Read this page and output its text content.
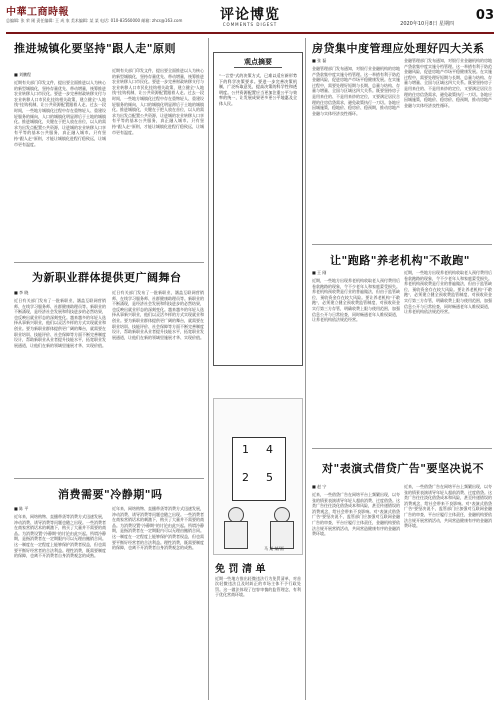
中華工商時報
总编辑: 张 荣 刚 责任编辑: 王 成 家 美术编辑: 某 某 电话: 010-83560000 邮箱: zhcs@163.com	评论博览
COMMENTS DIGEST	2020年10月8日 星期四
03
推进城镇化要坚持"跟人走"原则
■ 刘鹏程
近期有关部门印发文件，提出要全面推进以人为核心的新型城镇化，坚持存量优先、带动增量，统筹推进农业转移人口市民化。要进一步完善财政转移支付与农业转移人口市民化挂钩相关政策，建立健全"人地钱"挂钩机制，让公共资源配置跟着人走。过去一段时间，一些地方城镇化过程中存在重物轻人、重建设轻服务的倾向，人口的城镇化明显滞后于土地的城镇化。推进城镇化，关键在于把人放在首位，以人的需求为出发点配置公共资源，让进城的农业转移人口享有平等的基本公共服务，真正融入城市。只有坚持"跟人走"原则，才能让城镇化进程行稳致远，让城市更有温度。
近期有关部门印发文件，提出要全面推进以人为核心的新型城镇化，坚持存量优先、带动增量，统筹推进农业转移人口市民化。要进一步完善财政转移支付与农业转移人口市民化挂钩相关政策，建立健全"人地钱"挂钩机制，让公共资源配置跟着人走。过去一段时间，一些地方城镇化过程中存在重物轻人、重建设轻服务的倾向，人口的城镇化明显滞后于土地的城镇化。推进城镇化，关键在于把人放在首位，以人的需求为出发点配置公共资源，让进城的农业转移人口享有平等的基本公共服务，真正融入城市。只有坚持"跟人走"原则，才能让城镇化进程行稳致远，让城市更有温度。
为新职业群体提供更广阔舞台
■ 李 晓
近日有关部门发布了一批新职业，涵盖互联网营销师、在线学习服务师、社群健康助理员等。新职业的不断涌现，是经济社会发展和科技进步的必然结果，也反映出就业形态的深刻变化。越来越多的年轻人选择从事新兴职业，他们以灵活多样的方式实现就业和创业。要为新职业群体提供更广阔的舞台，就需要在职业培训、技能评价、社会保障等方面不断完善制度设计，帮助新职业从业者提升技能水平，拓宽职业发展通道，让他们在新的领域里施展才华、实现价值。
近日有关部门发布了一批新职业，涵盖互联网营销师、在线学习服务师、社群健康助理员等。新职业的不断涌现，是经济社会发展和科技进步的必然结果，也反映出就业形态的深刻变化。越来越多的年轻人选择从事新兴职业，他们以灵活多样的方式实现就业和创业。要为新职业群体提供更广阔的舞台，就需要在职业培训、技能评价、社会保障等方面不断完善制度设计，帮助新职业从业者提升技能水平，拓宽职业发展通道，让他们在新的领域里施展才华、实现价值。
消费需要"冷静期"吗
■ 陈 平
近年来，网络购物、直播带货等消费方式迅速发展，冲动消费、诱导消费等问题也随之出现。一些消费者在商家营销话术的刺激下，购买了大量并不需要的商品。为消费设置"冷静期"的讨论由此兴起。所谓冷静期，是指消费者在一定期限内可以无理由撤销合同。这一制度在一定程度上能够保护消费者权益，但也需要平衡好经营者的合法利益。理性消费，既需要制度的保障，也离不开消费者自身消费观念的成熟。
近年来，网络购物、直播带货等消费方式迅速发展，冲动消费、诱导消费等问题也随之出现。一些消费者在商家营销话术的刺激下，购买了大量并不需要的商品。为消费设置"冷静期"的讨论由此兴起。所谓冷静期，是指消费者在一定期限内可以无理由撤销合同。这一制度在一定程度上能够保护消费者权益，但也需要平衡好经营者的合法利益。理性消费，既需要制度的保障，也离不开消费者自身消费观念的成熟。
观点摘要
"一言堂"式的决策方式，已难以适应新形势下的科学决策要求。要进一步完善决策机制，广泛听取意见，提高决策的科学性和透明度。公共资源配置应当更加注重公平与效率的统一，让发展成果更多更公平地惠及全体人民。
1 4
2 5
马 某 某/画
免 罚 清 单
近期一些地方推出轻微违法行为免罚清单，对首次轻微违法且及时纠正的市场主体不予行政处罚。这一做法体现了包容审慎的监管理念，有利于优化营商环境。
房贷集中度管理应处理好四大关系
■ 张 磊
金融管理部门发布通知，对银行业金融机构的房地产贷款集中度实施分档管理。这一举措有利于防范金融风险，促进房地产市场平稳健康发展。在实施过程中，需要处理好短期与长期、总量与结构、存量与增量、全国与区域这四大关系。既要坚持房子是用来住的、不是用来炒的定位，又要满足居民合理的住房信贷需求，避免政策执行一刀切。各地应因城施策，稳地价、稳房价、稳预期，推动房地产金融与实体经济良性循环。
金融管理部门发布通知，对银行业金融机构的房地产贷款集中度实施分档管理。这一举措有利于防范金融风险，促进房地产市场平稳健康发展。在实施过程中，需要处理好短期与长期、总量与结构、存量与增量、全国与区域这四大关系。既要坚持房子是用来住的、不是用来炒的定位，又要满足居民合理的住房信贷需求，避免政策执行一刀切。各地应因城施策，稳地价、稳房价、稳预期，推动房地产金融与实体经济良性循环。
让"跑路"养老机构"不敢跑"
■ 王 刚
近期，一些地方出现养老机构收取老人预付费用后卷款跑路的现象，令不少老年人和家庭蒙受损失。养老机构预收费是行业的普遍做法，但由于监管缺位，预收资金存在较大风险。要让养老机构"不敢跑"，必须建立健全预收费监管制度，对预收资金实行第三方存管，明确收费上限与使用范围，加强信息公开与日常检查，同时畅通老年人维权渠道，让养老机构依法规范经营。
近期，一些地方出现养老机构收取老人预付费用后卷款跑路的现象，令不少老年人和家庭蒙受损失。养老机构预收费是行业的普遍做法，但由于监管缺位，预收资金存在较大风险。要让养老机构"不敢跑"，必须建立健全预收费监管制度，对预收资金实行第三方存管，明确收费上限与使用范围，加强信息公开与日常检查，同时畅通老年人维权渠道，让养老机构依法规范经营。
对"表演式借贷广告"要坚决说不
■ 赵 宁
近来，一些借贷广告在网络平台上频繁出现，以夸张的情景表演诱导年轻人超前消费、过度借贷。这类广告往往淡化借贷成本和风险，甚至传递错误的消费观念，给社会带来不良影响。对"表演式借贷广告"要坚决说不，监管部门应加强对互联网金融广告的审查，平台应履行主体责任，金融机构要依法合规开展营销活动，共同营造健康有序的金融消费环境。
近来，一些借贷广告在网络平台上频繁出现，以夸张的情景表演诱导年轻人超前消费、过度借贷。这类广告往往淡化借贷成本和风险，甚至传递错误的消费观念，给社会带来不良影响。对"表演式借贷广告"要坚决说不，监管部门应加强对互联网金融广告的审查，平台应履行主体责任，金融机构要依法合规开展营销活动，共同营造健康有序的金融消费环境。
